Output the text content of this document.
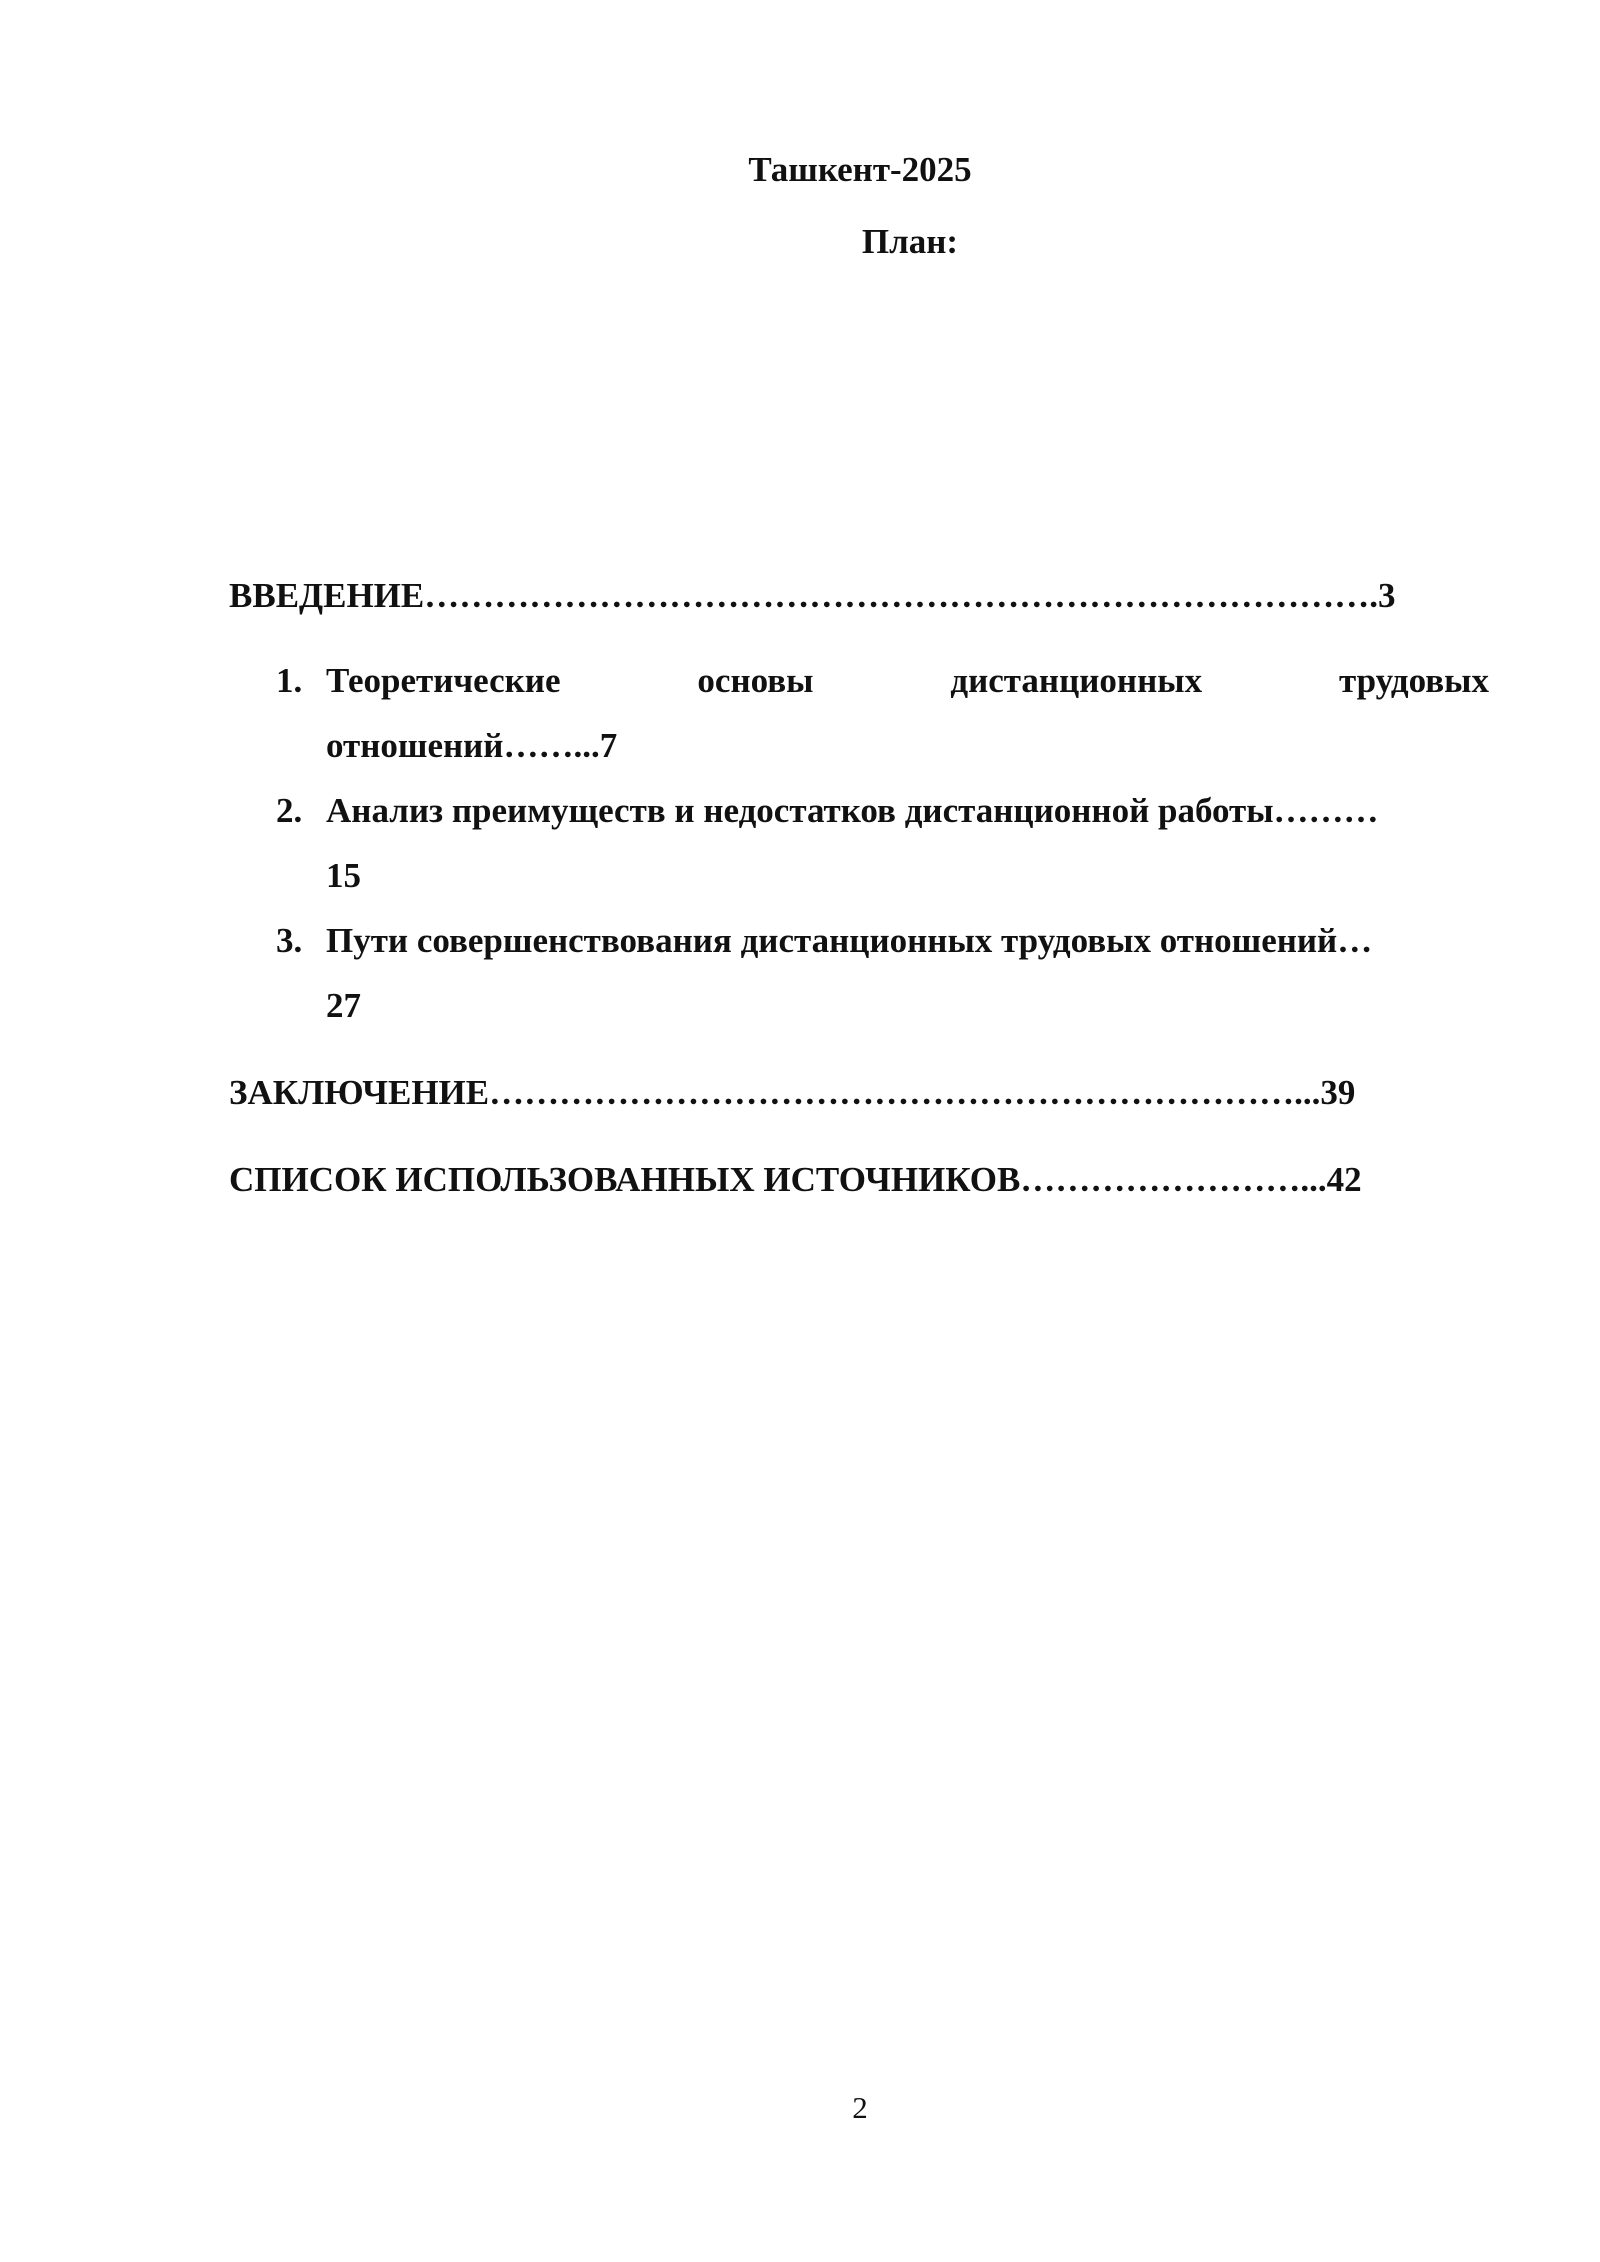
Ташкент-2025
План:
ВВЕДЕНИЕ……………………………………………………………………….3
1. Теоретические	основы	дистанционных	трудовых
отношений……...7
2. Анализ преимуществ и недостатков дистанционной работы………
15
3. Пути совершенствования дистанционных трудовых отношений…
27
ЗАКЛЮЧЕНИЕ……………………………………………………………...39
СПИСОК ИСПОЛЬЗОВАННЫХ ИСТОЧНИКОВ……………………...42
2
